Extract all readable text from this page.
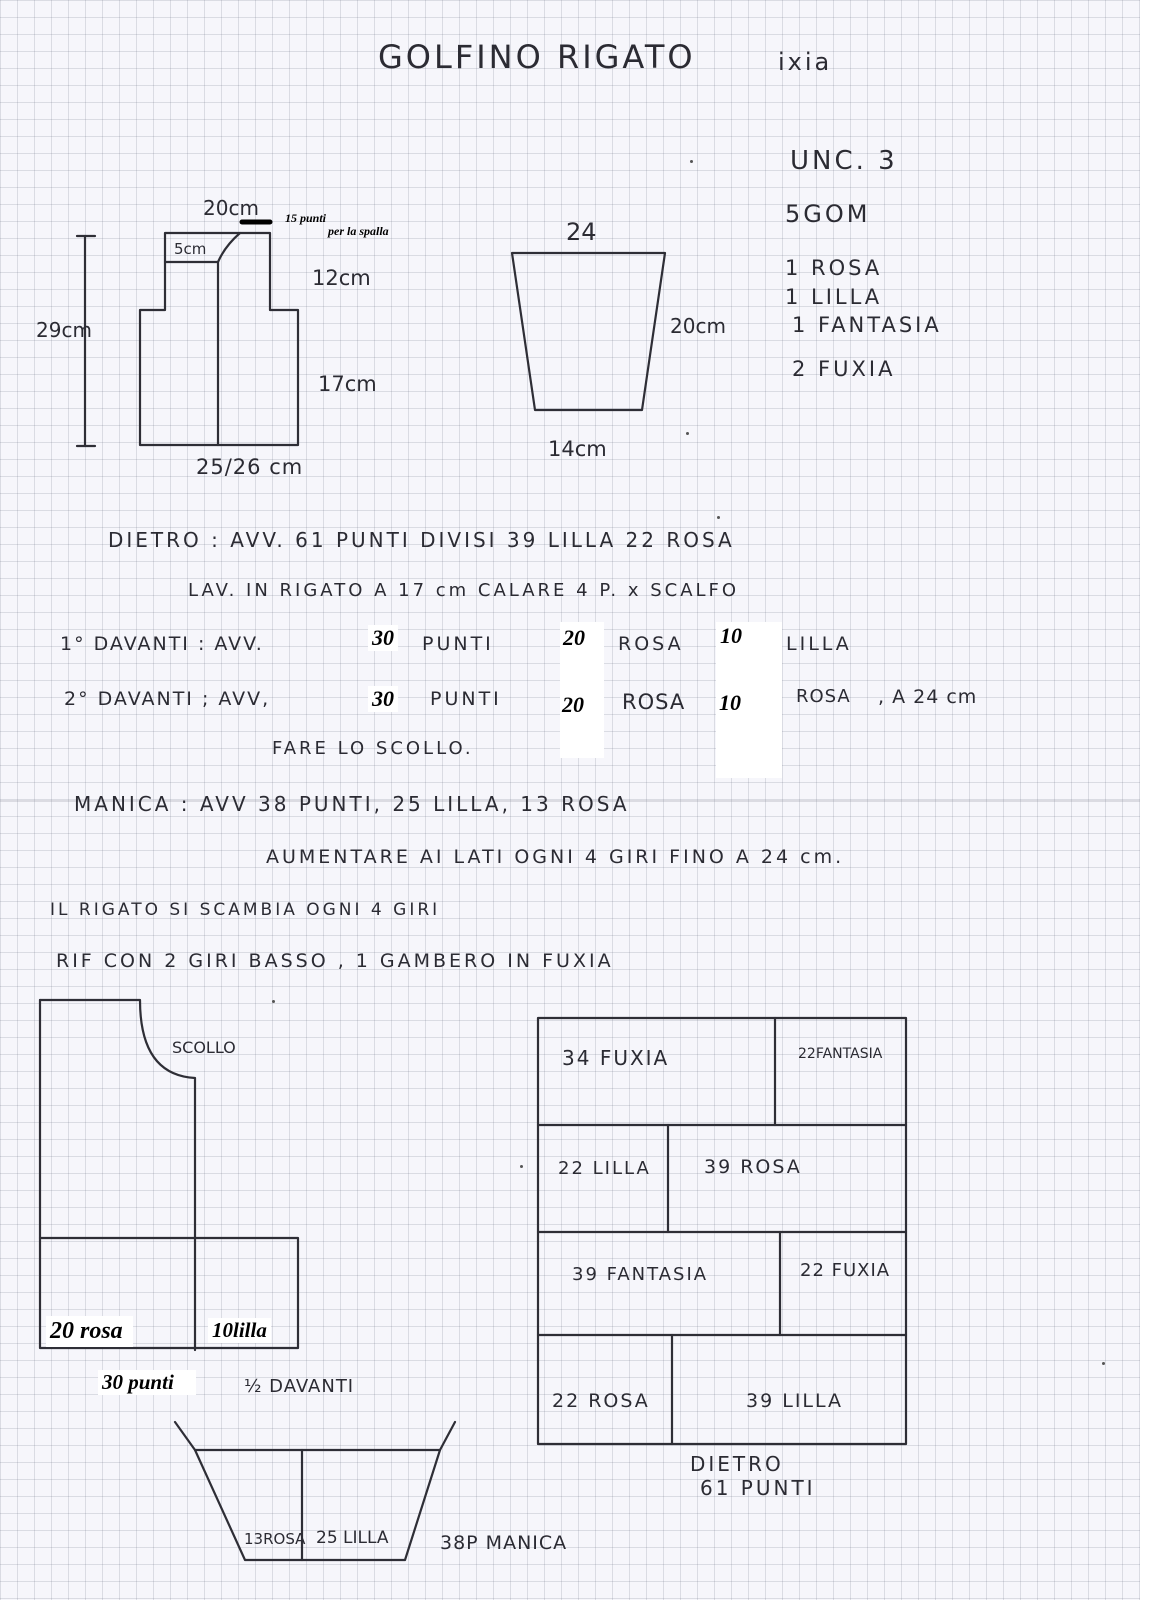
GOLFINO RIGATO	ixia
UNC. 3
5GOM
1 ROSA
1 LILLA
1 FANTASIA
2 FUXIA
20cm 15 punti
per la spalla
5cm
12cm
29cm
17cm
25/26 cm
24
20cm
14cm
DIETRO : AVV. 61 PUNTI DIVISI 39 LILLA 22 ROSA
LAV. IN RIGATO A 17 cm CALARE 4 P. x SCALFO
1° DAVANTI : AVV.	30 PUNTI	20 ROSA 10 LILLA
2° DAVANTI ; AVV,	30 PUNTI	20 ROSA 10	ROSA , A 24 cm
FARE LO SCOLLO.
MANICA : AVV 38 PUNTI, 25 LILLA, 13 ROSA
AUMENTARE AI LATI OGNI 4 GIRI FINO A 24 cm.
IL RIGATO SI SCAMBIA OGNI 4 GIRI
RIF CON 2 GIRI BASSO , 1 GAMBERO IN FUXIA
SCOLLO
20 rosa	10lilla
30 punti	½ DAVANTI
34 FUXIA	22FANTASIA
22 LILLA	39 ROSA
39 FANTASIA	22 FUXIA
22 ROSA	39 LILLA
DIETRO
61 PUNTI
13ROSA 25 LILLA	38P MANICA
